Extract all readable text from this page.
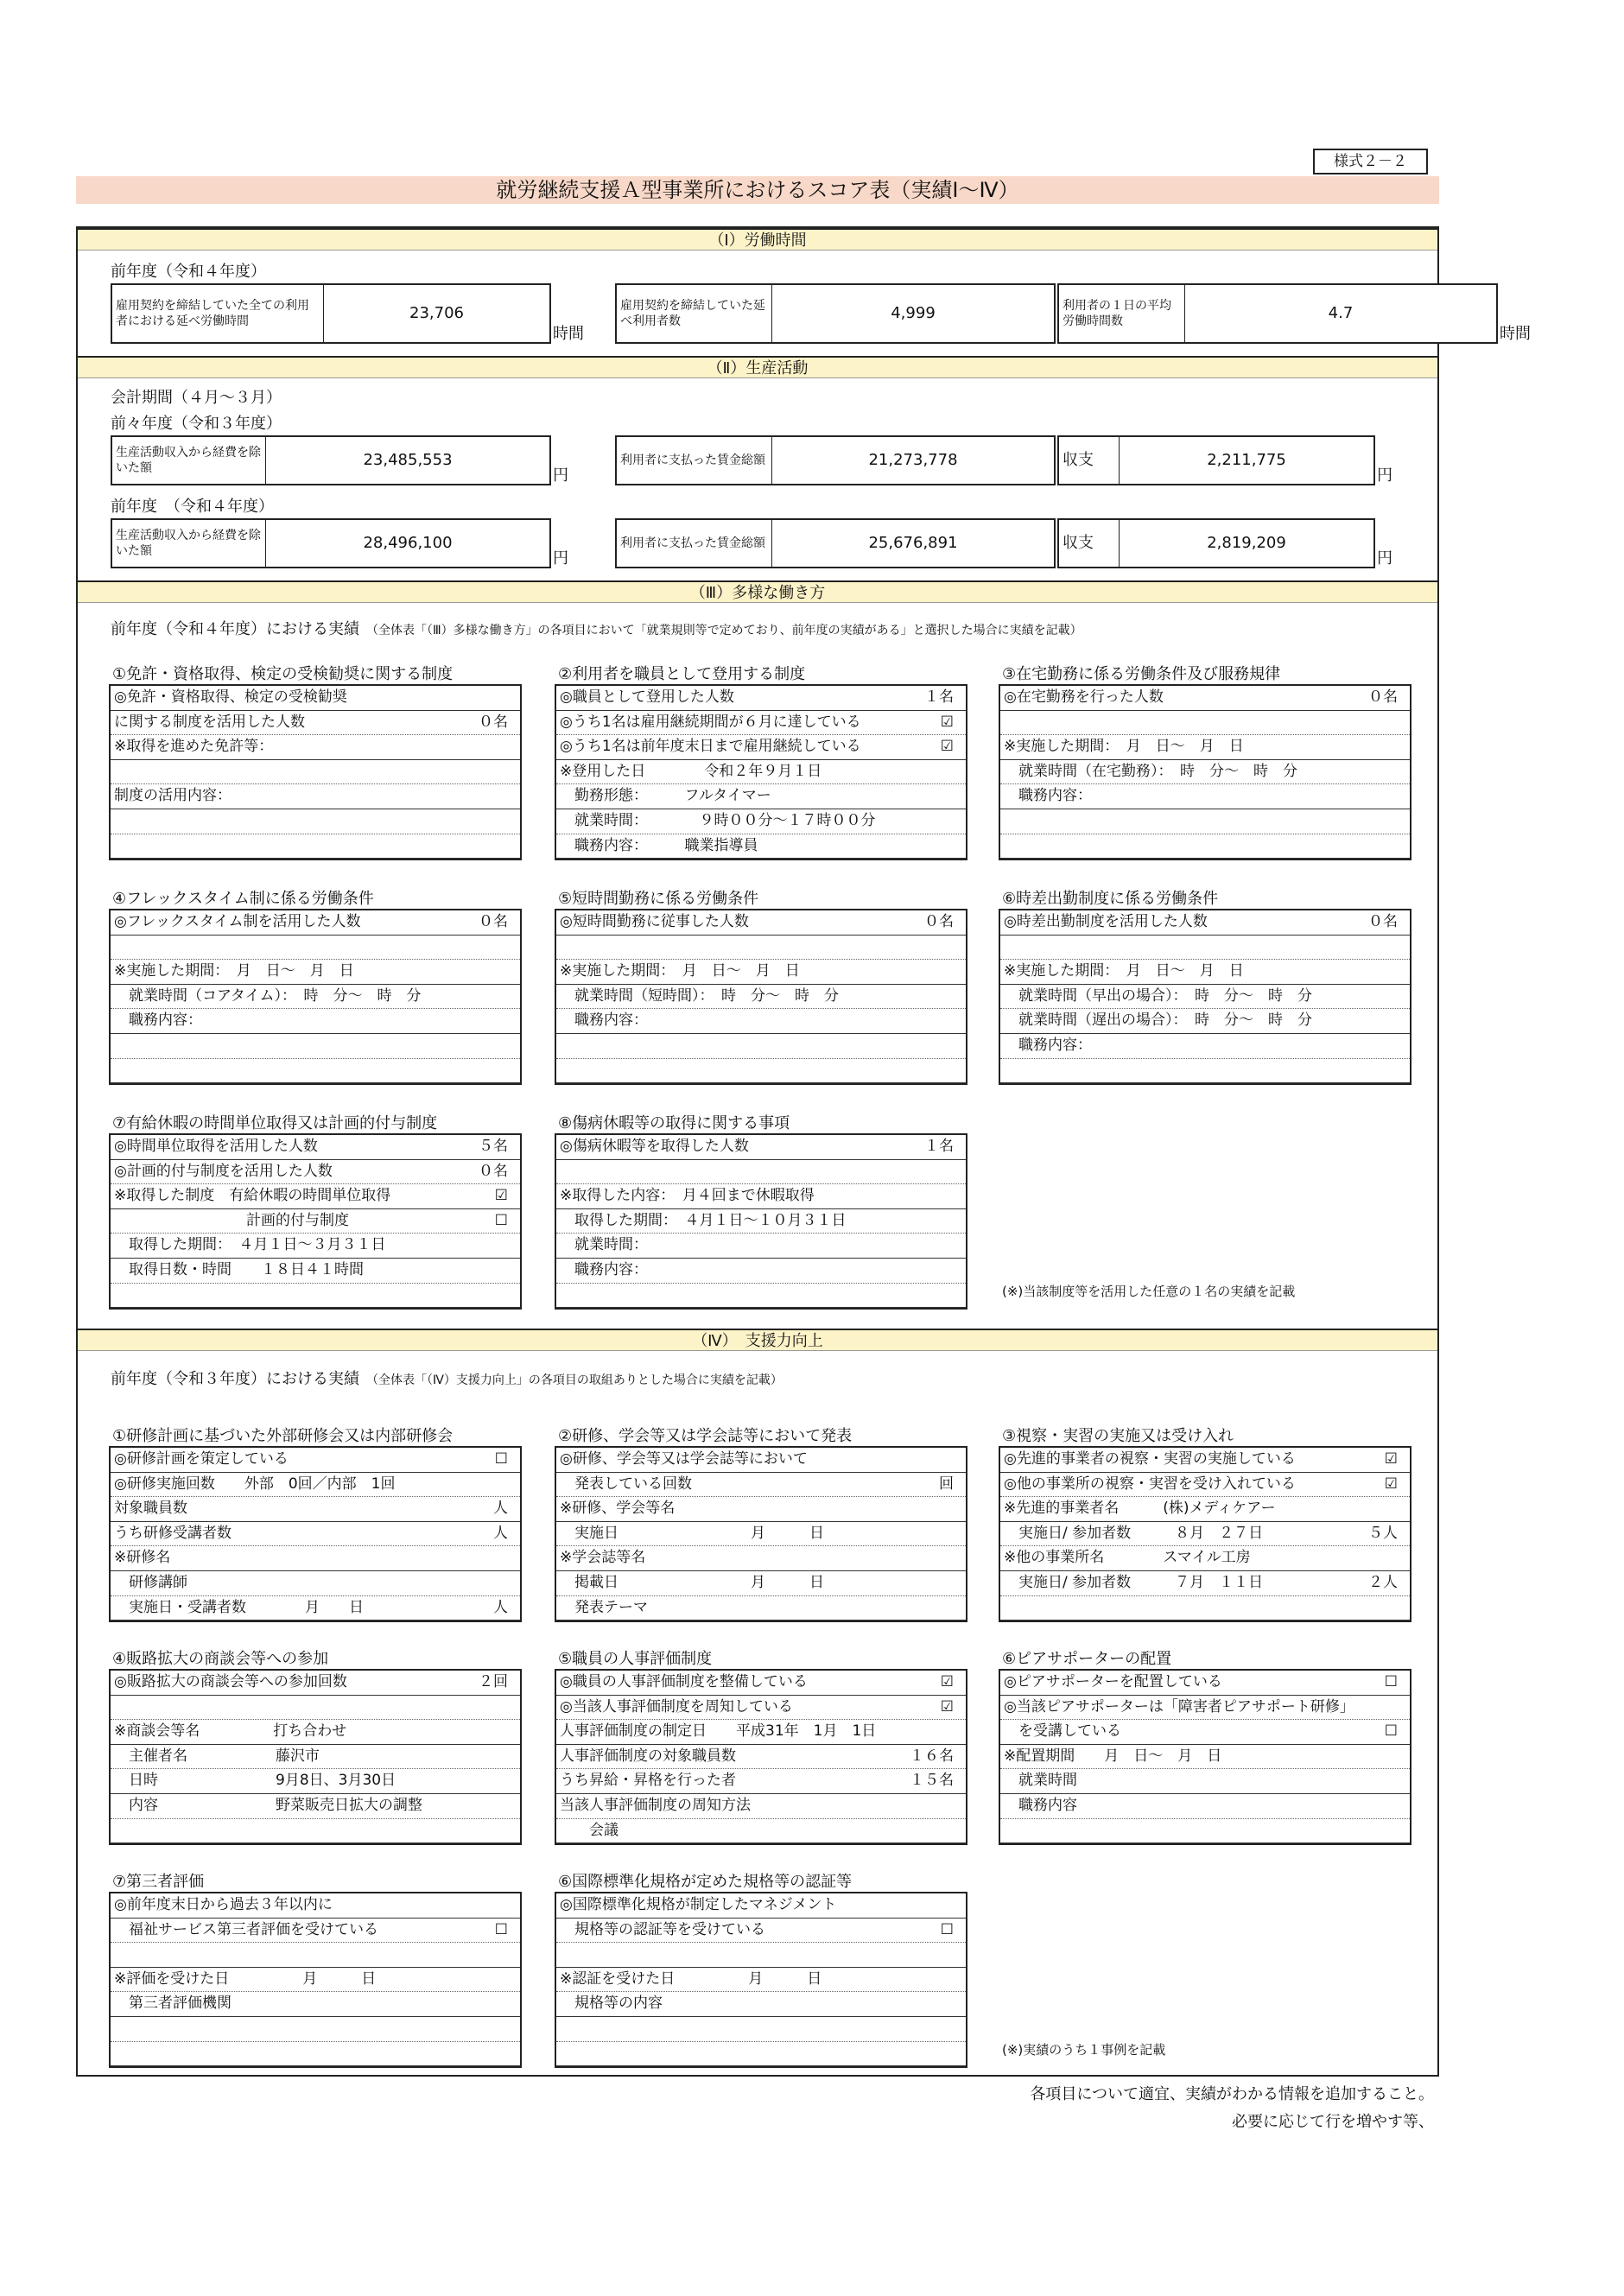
様式２－２
就労継続支援Ａ型事業所におけるスコア表（実績Ⅰ～Ⅳ）
（Ⅰ）労働時間
前年度（令和４年度）
雇用契約を締結していた全ての利用者における延べ労働時間	23,706
時間
雇用契約を締結していた延べ利用者数	4,999	利用者の１日の平均労働時間数	4.7
時間
（Ⅱ）生産活動
会計期間（４月～３月）
前々年度（令和３年度）
前年度　（令和４年度）
生産活動収入から経費を除いた額	23,485,553
円
利用者に支払った賃金総額	21,273,778	収支	2,211,775
円
生産活動収入から経費を除いた額	28,496,100
円
利用者に支払った賃金総額	25,676,891	収支	2,819,209
円
（Ⅲ）多様な働き方
前年度（令和４年度）における実績 （全体表「（Ⅲ）多様な働き方」の各項目において「就業規則等で定めており、前年度の実績がある」と選択した場合に実績を記載）
①免許・資格取得、検定の受検勧奨に関する制度
◎免許・資格取得、検定の受検勧奨
に関する制度を活用した人数	０名
※取得を進めた免許等：
制度の活用内容：
②利用者を職員として登用する制度
◎職員として登用した人数	１名
◎うち1名は雇用継続期間が６月に達している	☑
◎うち1名は前年度末日まで雇用継続している	☑
※登用した日　　　　令和２年９月１日
　勤務形態：　　　フルタイマー
　就業時間：　　　　９時００分～１７時００分
　職務内容：　　　職業指導員
③在宅勤務に係る労働条件及び服務規律
◎在宅勤務を行った人数	０名
※実施した期間：　月　日～　月　日
　就業時間（在宅勤務）：　時　分～　時　分
　職務内容：
④フレックスタイム制に係る労働条件
◎フレックスタイム制を活用した人数	０名
※実施した期間：　月　日～　月　日
　就業時間（コアタイム）：　時　分～　時　分
　職務内容：
⑤短時間勤務に係る労働条件
◎短時間勤務に従事した人数	０名
※実施した期間：　月　日～　月　日
　就業時間（短時間）：　時　分～　時　分
　職務内容：
⑥時差出勤制度に係る労働条件
◎時差出勤制度を活用した人数	０名
※実施した期間：　月　日～　月　日
　就業時間（早出の場合）：　時　分～　時　分
　就業時間（遅出の場合）：　時　分～　時　分
　職務内容：
⑦有給休暇の時間単位取得又は計画的付与制度
◎時間単位取得を活用した人数	５名
◎計画的付与制度を活用した人数	０名
※取得した制度　有給休暇の時間単位取得	☑
　　　　　　　　　計画的付与制度	☐
　取得した期間：　４月１日～３月３１日
　取得日数・時間　　１８日４１時間
⑧傷病休暇等の取得に関する事項
◎傷病休暇等を取得した人数	１名
※取得した内容：　月４回まで休暇取得
　取得した期間：　４月１日～１０月３１日
　就業時間：
　職務内容：
(※)当該制度等を活用した任意の１名の実績を記載
（Ⅳ）　支援力向上
前年度（令和３年度）における実績 （全体表「（Ⅳ）支援力向上」の各項目の取組ありとした場合に実績を記載）
①研修計画に基づいた外部研修会又は内部研修会
◎研修計画を策定している	☐
◎研修実施回数　　外部　0回／内部　1回
対象職員数	人
うち研修受講者数	人
※研修名
　研修講師
　実施日・受講者数　　　　月　　日	人
②研修、学会等又は学会誌等において発表
◎研修、学会等又は学会誌等において
　発表している回数	回
※研修、学会等名
　実施日　　　　　　　　　月　　　日
※学会誌等名
　掲載日　　　　　　　　　月　　　日
　発表テーマ
③視察・実習の実施又は受け入れ
◎先進的事業者の視察・実習の実施している	☑
◎他の事業所の視察・実習を受け入れている	☑
※先進的事業者名　　　(株)メディケアー
　実施日/ 参加者数　　　８月　２７日	５人
※他の事業所名　　　　スマイル工房
　実施日/ 参加者数　　　７月　１１日	２人
④販路拡大の商談会等への参加
◎販路拡大の商談会等への参加回数	２回
※商談会等名　　　　　打ち合わせ
　主催者名　　　　　　藤沢市
　日時　　　　　　　　9月8日、3月30日
　内容　　　　　　　　野菜販売日拡大の調整
⑤職員の人事評価制度
◎職員の人事評価制度を整備している	☑
◎当該人事評価制度を周知している	☑
人事評価制度の制定日　　平成31年　1月　1日
人事評価制度の対象職員数	１６名
うち昇給・昇格を行った者	１５名
当該人事評価制度の周知方法
　　会議
⑥ピアサポーターの配置
◎ピアサポーターを配置している	☐
◎当該ピアサポーターは「障害者ピアサポート研修」
　を受講している	☐
※配置期間　　月　日～　月　日
　就業時間
　職務内容
⑦第三者評価
◎前年度末日から過去３年以内に
　福祉サービス第三者評価を受けている	☐
※評価を受けた日　　　　　月　　　日
　第三者評価機関
⑥国際標準化規格が定めた規格等の認証等
◎国際標準化規格が制定したマネジメント
　規格等の認証等を受けている	☐
※認証を受けた日　　　　　月　　　日
　規格等の内容
(※)実績のうち１事例を記載
各項目について適宜、実績がわかる情報を追加すること。
必要に応じて行を増やす等、
